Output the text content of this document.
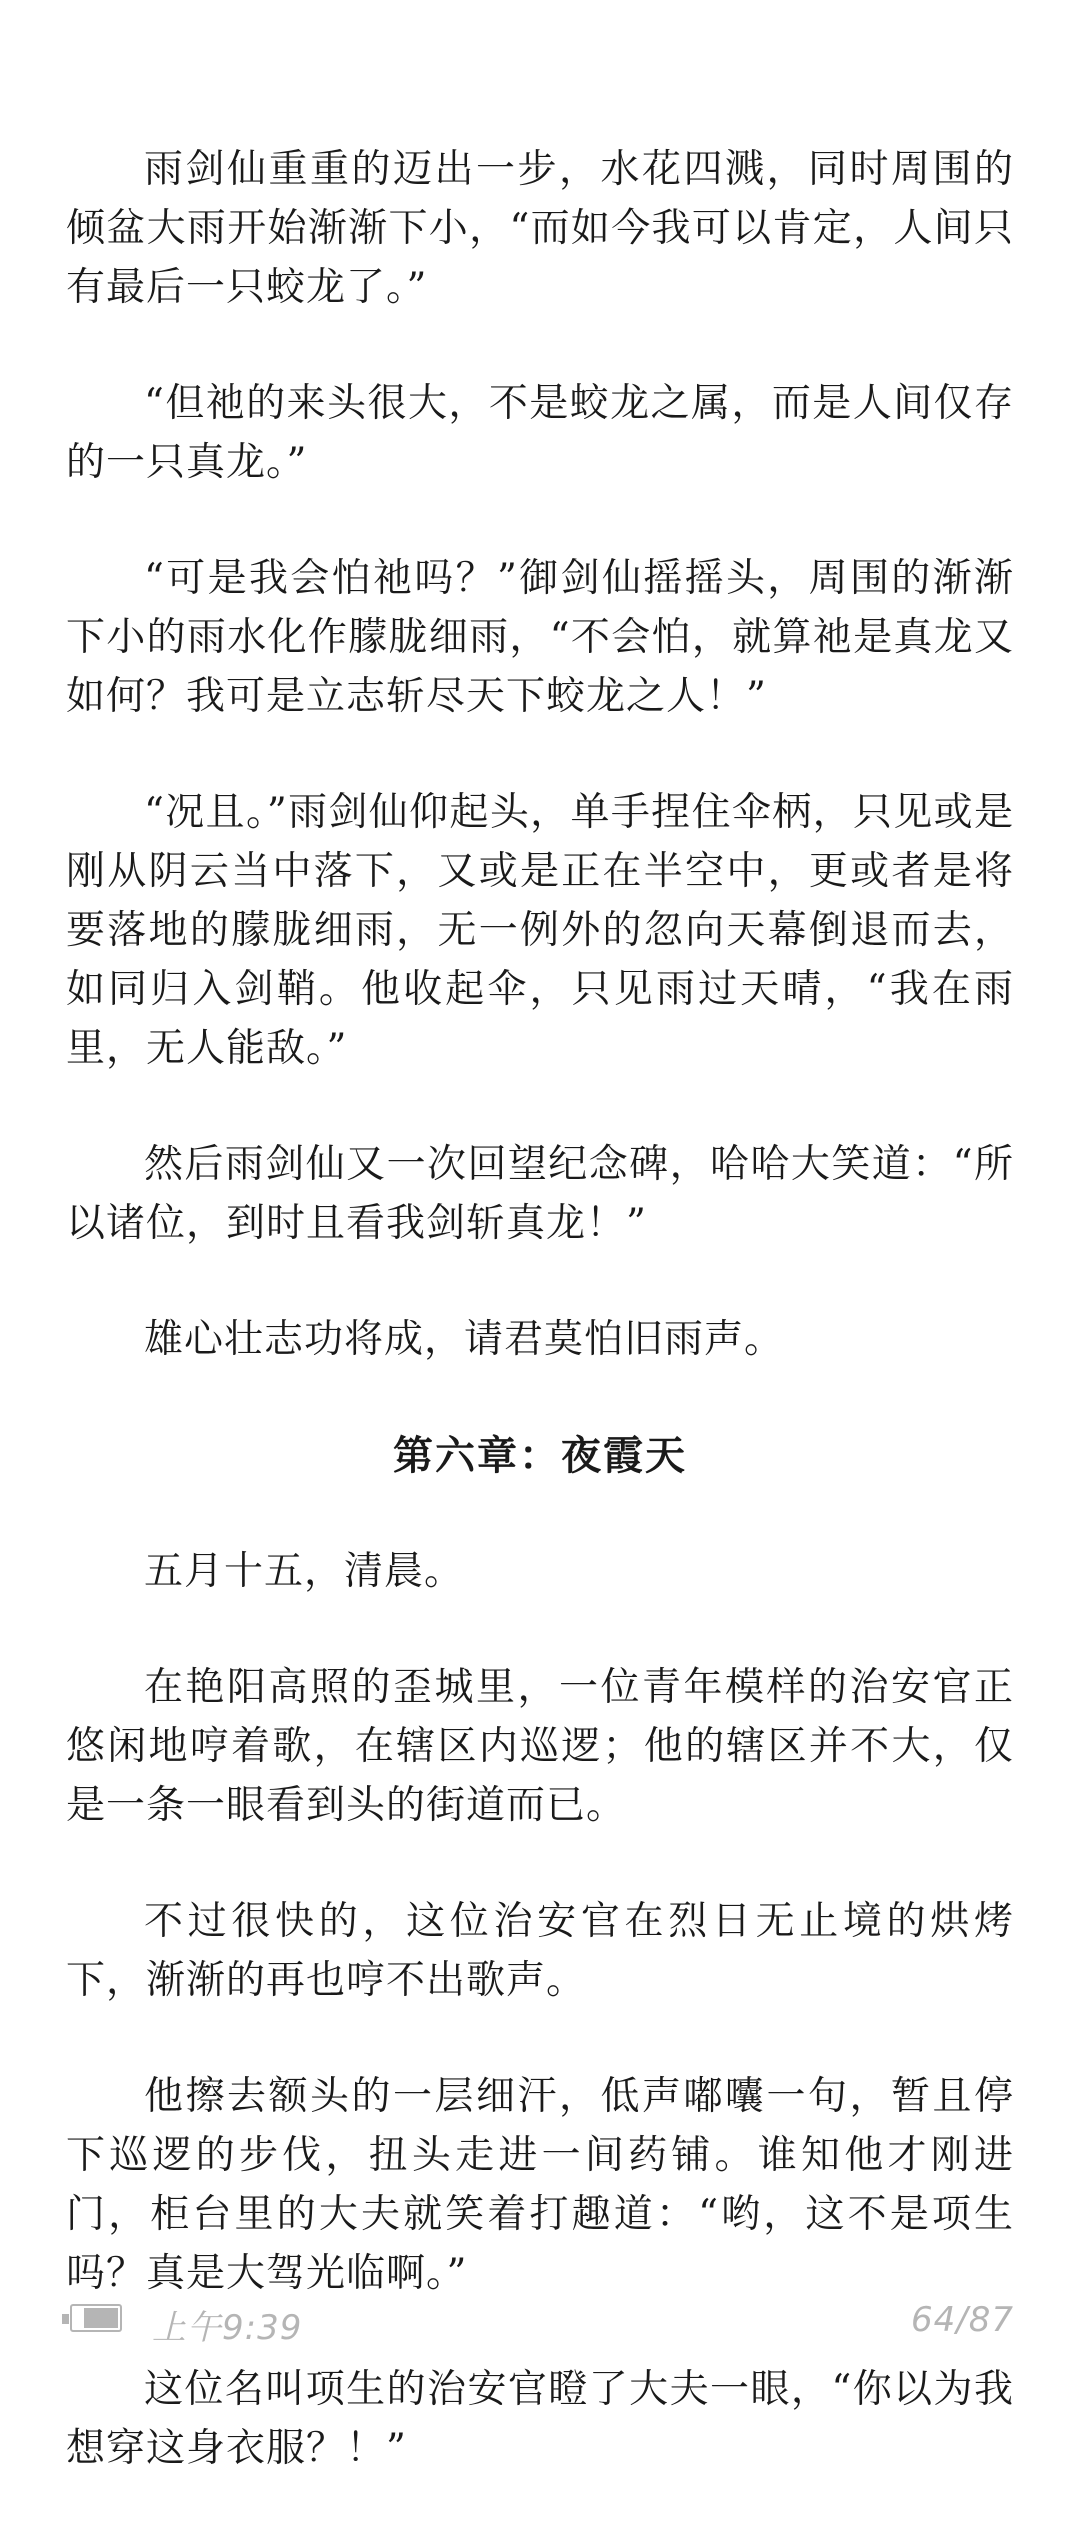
雨剑仙重重的迈出一步，水花四溅，同时周围的倾盆大雨开始渐渐下小，“而如今我可以肯定，人间只有最后一只蛟龙了。”

“但祂的来头很大，不是蛟龙之属，而是人间仅存的一只真龙。”

“可是我会怕祂吗？”御剑仙摇摇头，周围的渐渐下小的雨水化作朦胧细雨，“不会怕，就算祂是真龙又如何？我可是立志斩尽天下蛟龙之人！”

“况且。”雨剑仙仰起头，单手捏住伞柄，只见或是刚从阴云当中落下，又或是正在半空中，更或者是将要落地的朦胧细雨，无一例外的忽向天幕倒退而去，如同归入剑鞘。他收起伞，只见雨过天晴，“我在雨里，无人能敌。”

然后雨剑仙又一次回望纪念碑，哈哈大笑道：“所以诸位，到时且看我剑斩真龙！”

雄心壮志功将成，请君莫怕旧雨声。

第六章：夜霞天

五月十五，清晨。

在艳阳高照的歪城里，一位青年模样的治安官正悠闲地哼着歌，在辖区内巡逻；他的辖区并不大，仅是一条一眼看到头的街道而已。

不过很快的，这位治安官在烈日无止境的烘烤下，渐渐的再也哼不出歌声。

他擦去额头的一层细汗，低声嘟囔一句，暂且停下巡逻的步伐，扭头走进一间药铺。谁知他才刚进门，柜台里的大夫就笑着打趣道：“哟，这不是项生吗？真是大驾光临啊。”

这位名叫项生的治安官瞪了大夫一眼，“你以为我想穿这身衣服？！”

上午9:39	64/87
